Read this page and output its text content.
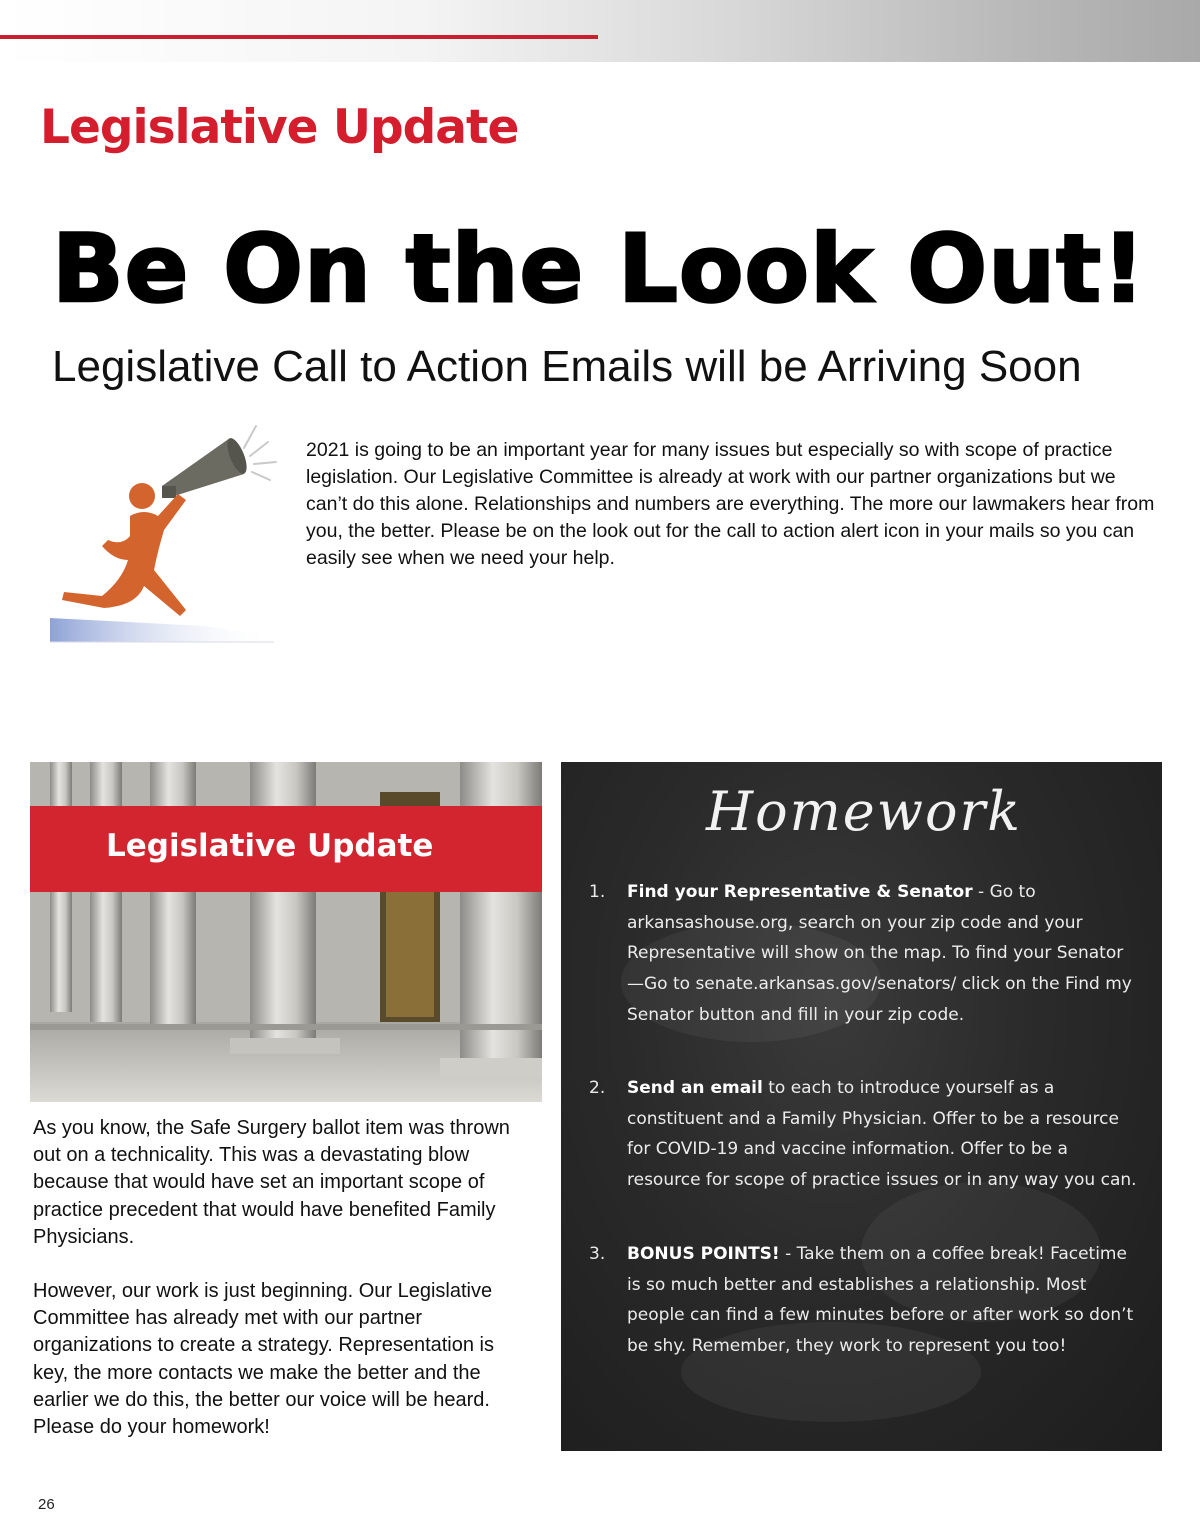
Legislative Update
Be On the Look Out!
Legislative Call to Action Emails will be Arriving Soon

2021 is going to be an important year for many issues but especially so with scope of practice legislation. Our Legislative Committee is already at work with our partner organizations but we can’t do this alone. Relationships and numbers are everything. The more our lawmakers hear from you, the better. Please be on the look out for the call to action alert icon in your mails so you can easily see when we need your help.

Legislative Update

As you know, the Safe Surgery ballot item was thrown out on a technicality. This was a devastating blow because that would have set an important scope of practice precedent that would have benefited Family Physicians.

However, our work is just beginning. Our Legislative Committee has already met with our partner organizations to create a strategy. Representation is key, the more contacts we make the better and the earlier we do this, the better our voice will be heard. Please do your homework!

Homework
1.	Find your Representative & Senator - Go to arkansashouse.org, search on your zip code and your Representative will show on the map. To find your Senator—Go to senate.arkansas.gov/senators/ click on the Find my Senator button and fill in your zip code.
2.	Send an email to each to introduce yourself as a constituent and a Family Physician. Offer to be a resource for COVID-19 and vaccine information. Offer to be a resource for scope of practice issues or in any way you can.
3.	BONUS POINTS! - Take them on a coffee break! Facetime is so much better and establishes a relationship. Most people can find a few minutes before or after work so don’t be shy. Remember, they work to represent you too!
26
